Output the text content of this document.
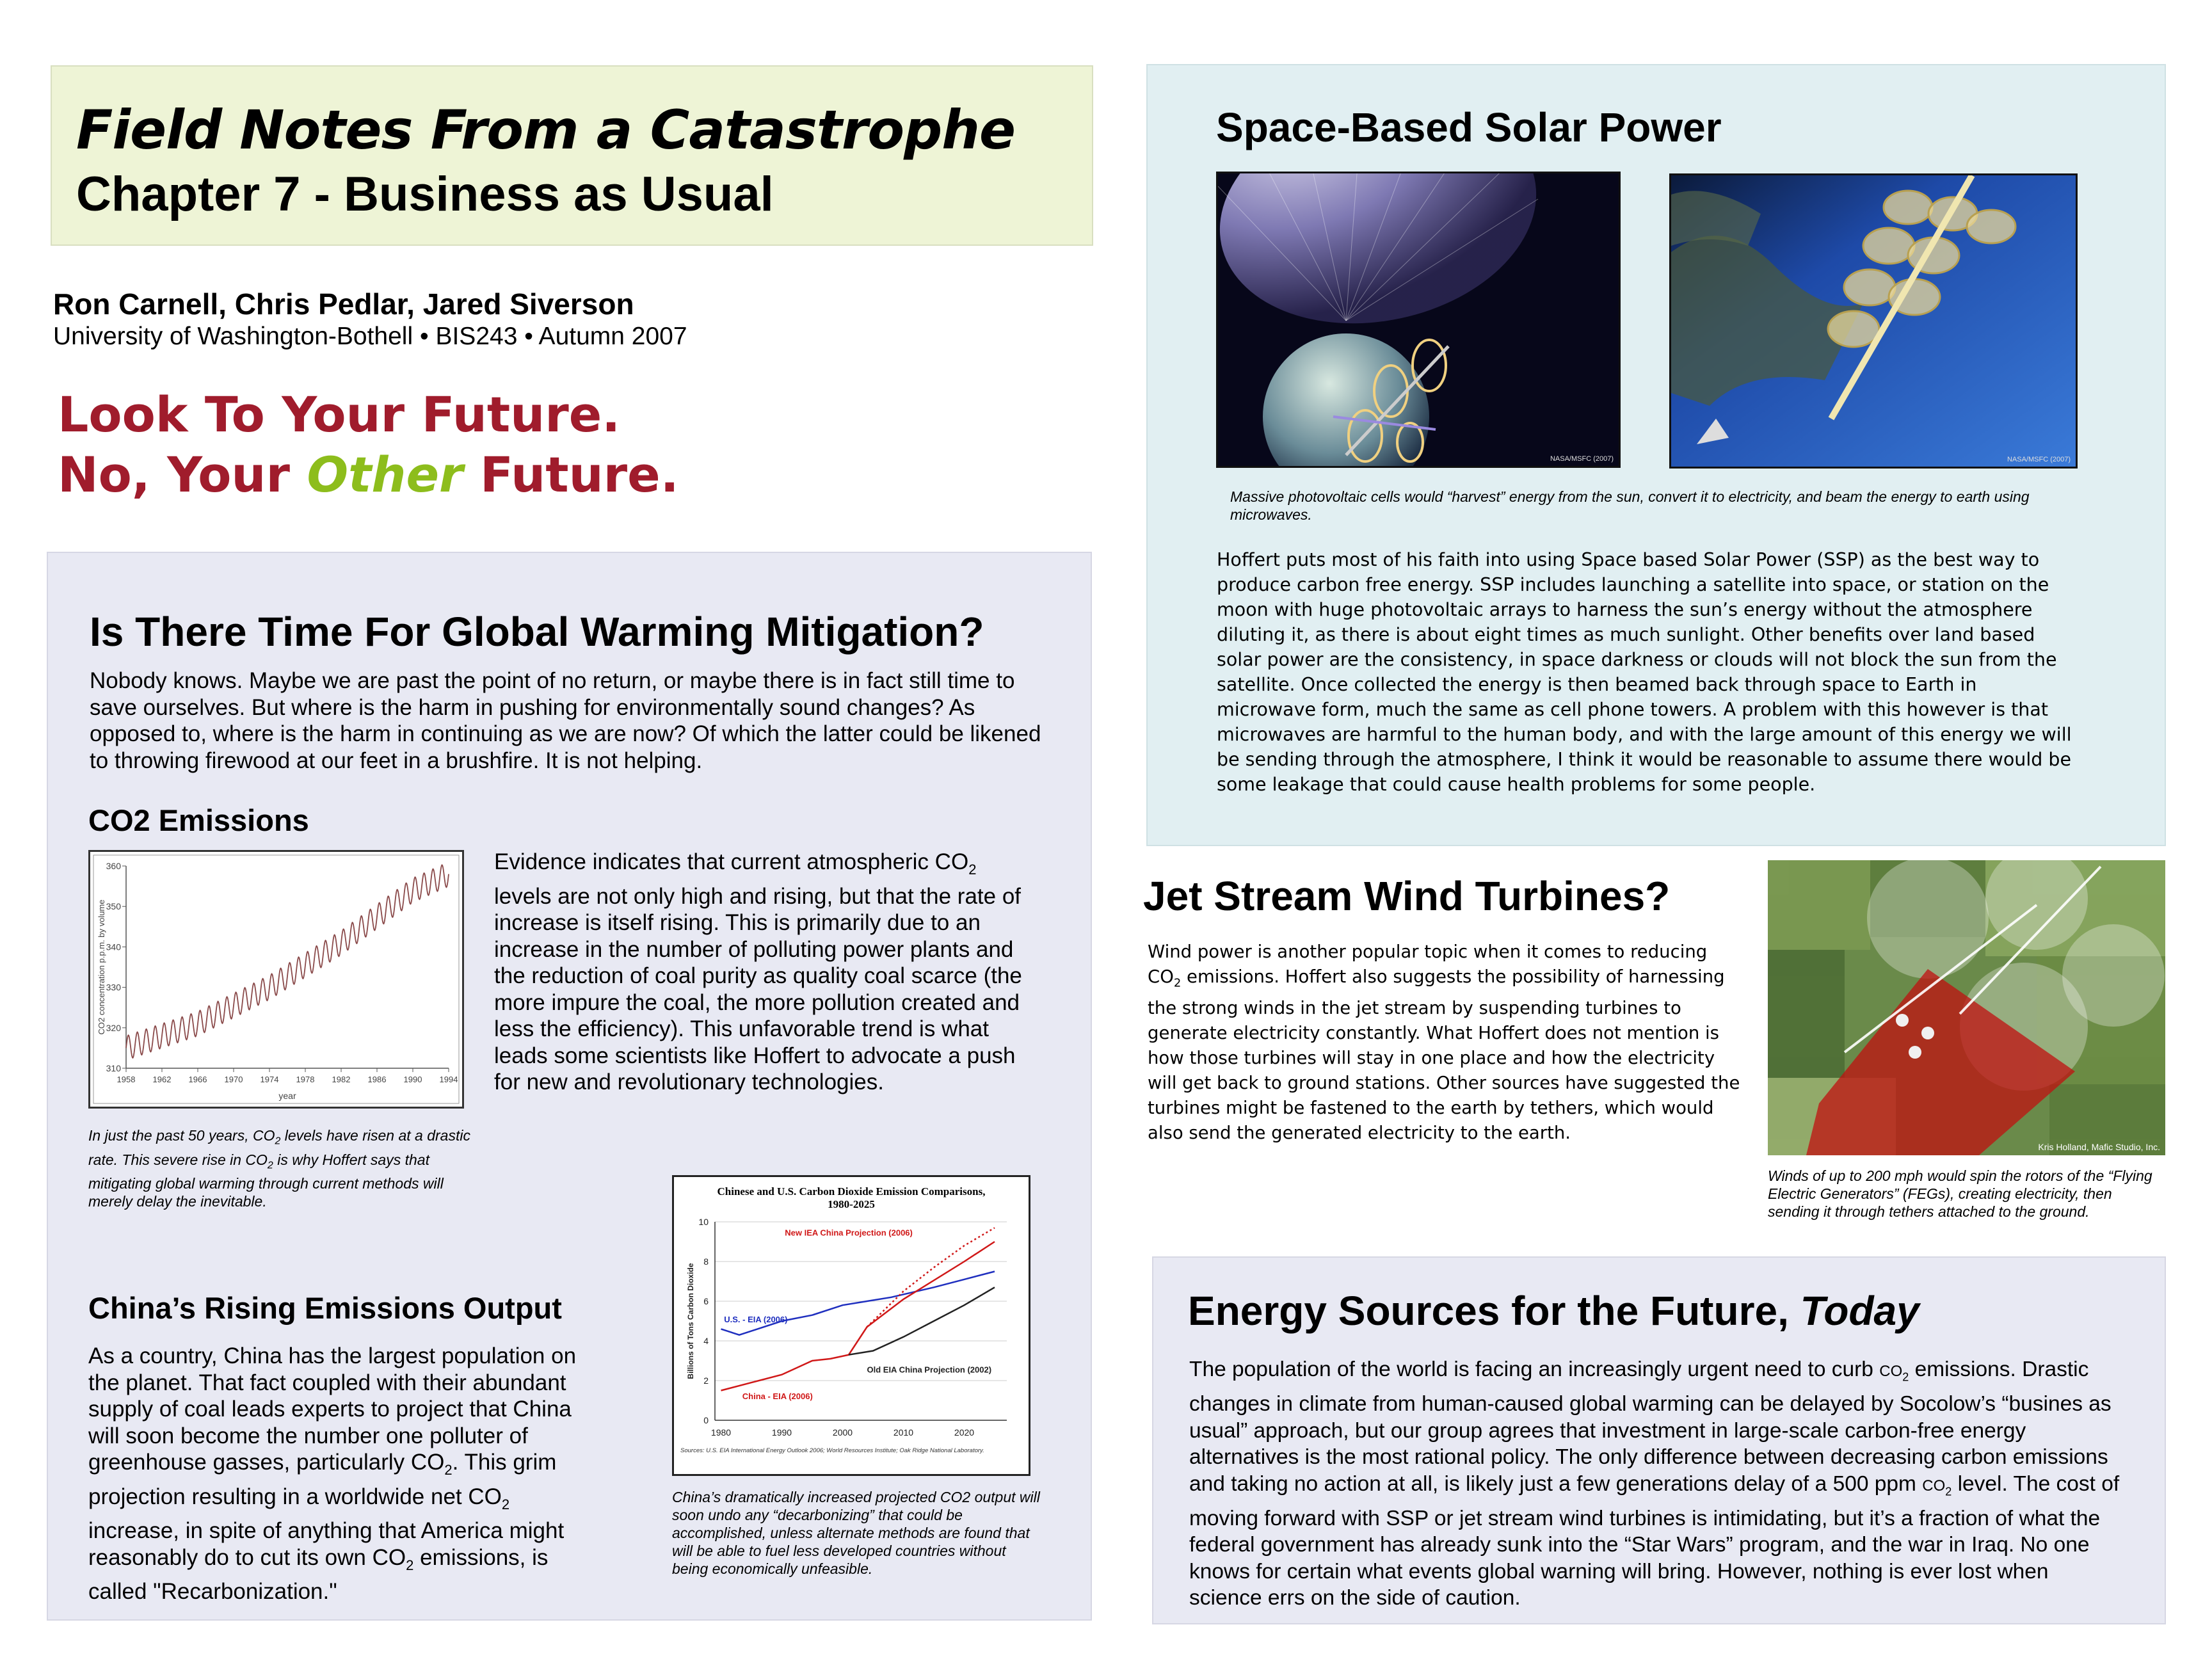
Field Notes From a Catastrophe
Chapter 7 - Business as Usual
Ron Carnell, Chris Pedlar, Jared Siverson
University of Washington-Bothell • BIS243 • Autumn 2007
Look To Your Future.
No, Your Other Future.
Is There Time For Global Warming Mitigation?
Nobody knows. Maybe we are past the point of no return, or maybe there is in fact still time to save ourselves. But where is the harm in pushing for environmentally sound changes? As opposed to, where is the harm in continuing as we are now? Of which the latter could be likened to throwing firewood at our feet in a brushfire. It is not helping.
CO2 Emissions
310
320
330
340
350
360
1958 1962 1966 1970 1974 1978 1982 1986 1990 1994
year
CO2 concentration p.p.m. by volume
Evidence indicates that current atmospheric $CO_2$ levels are not only high and rising, but that the rate of increase is itself rising. This is primarily due to an increase in the number of polluting power plants and the reduction of coal purity as quality coal scarce (the more impure the coal, the more pollution created and less the efficiency). This unfavorable trend is what leads some scientists like Hoffert to advocate a push for new and revolutionary technologies.
In just the past 50 years, $CO_2$ levels have risen at a drastic rate. This severe rise in $CO_2$ is why Hoffert says that mitigating global warming through current methods will merely delay the inevitable.
China’s Rising Emissions Output
As a country, China has the largest population on the planet. That fact coupled with their abundant supply of coal leads experts to project that China will soon become the number one polluter of greenhouse gasses, particularly $CO_2$. This grim projection resulting in a worldwide net $CO_2$ increase, in spite of anything that America might reasonably do to cut its own $CO_2$ emissions, is called "Recarbonization."
Chinese and U.S. Carbon Dioxide Emission Comparisons,
1980-2025
0
2
4
6
8
10
1980	1990	2000	2010	2020
Billions of Tons Carbon Dioxide	U.S. - EIA (2006)
China - EIA (2006)
New IEA China Projection (2006)
Old EIA China Projection (2002)
Sources: U.S. EIA International Energy Outlook 2006; World Resources Institute; Oak Ridge National Laboratory.
China’s dramatically increased projected CO2 output will soon undo any “decarbonizing” that could be accomplished, unless alternate methods are found that will be able to fuel less developed countries without being economically unfeasible.
Space-Based Solar Power
NASA/MSFC (2007)	NASA/MSFC (2007)
Massive photovoltaic cells would “harvest” energy from the sun, convert it to electricity, and beam the energy to earth using microwaves.
Hoffert puts most of his faith into using Space based Solar Power (SSP) as the best way to produce carbon free energy. SSP includes launching a satellite into space, or station on the moon with huge photovoltaic arrays to harness the sun’s energy without the atmosphere diluting it, as there is about eight times as much sunlight. Other benefits over land based solar power are the consistency, in space darkness or clouds will not block the sun from the satellite. Once collected the energy is then beamed back through space to Earth in microwave form, much the same as cell phone towers. A problem with this however is that microwaves are harmful to the human body, and with the large amount of this energy we will be sending through the atmosphere, I think it would be reasonable to assume there would be some leakage that could cause health problems for some people.
Jet Stream Wind Turbines?
Wind power is another popular topic when it comes to reducing $CO_2$ emissions. Hoffert also suggests the possibility of harnessing the strong winds in the jet stream by suspending turbines to generate electricity constantly. What Hoffert does not mention is how those turbines will stay in one place and how the electricity will get back to ground stations. Other sources have suggested the turbines might be fastened to the earth by tethers, which would also send the generated electricity to the earth.
Kris Holland, Mafic Studio, Inc.
Winds of up to 200 mph would spin the rotors of the “Flying Electric Generators” (FEGs), creating electricity, then sending it through tethers attached to the ground.
Energy Sources for the Future, Today
The population of the world is facing an increasingly urgent need to curb $CO_2$ emissions. Drastic changes in climate from human-caused global warming can be delayed by Socolow’s “busines as usual” approach, but our group agrees that investment in large-scale carbon-free energy alternatives is the most rational policy. The only difference between decreasing carbon emissions and taking no action at all, is likely just a few generations delay of a 500 ppm $CO_2$ level. The cost of moving forward with SSP or jet stream wind turbines is intimidating, but it’s a fraction of what the federal government has already sunk into the “Star Wars” program, and the war in Iraq. No one knows for certain what events global warning will bring. However, nothing is ever lost when science errs on the side of caution.
